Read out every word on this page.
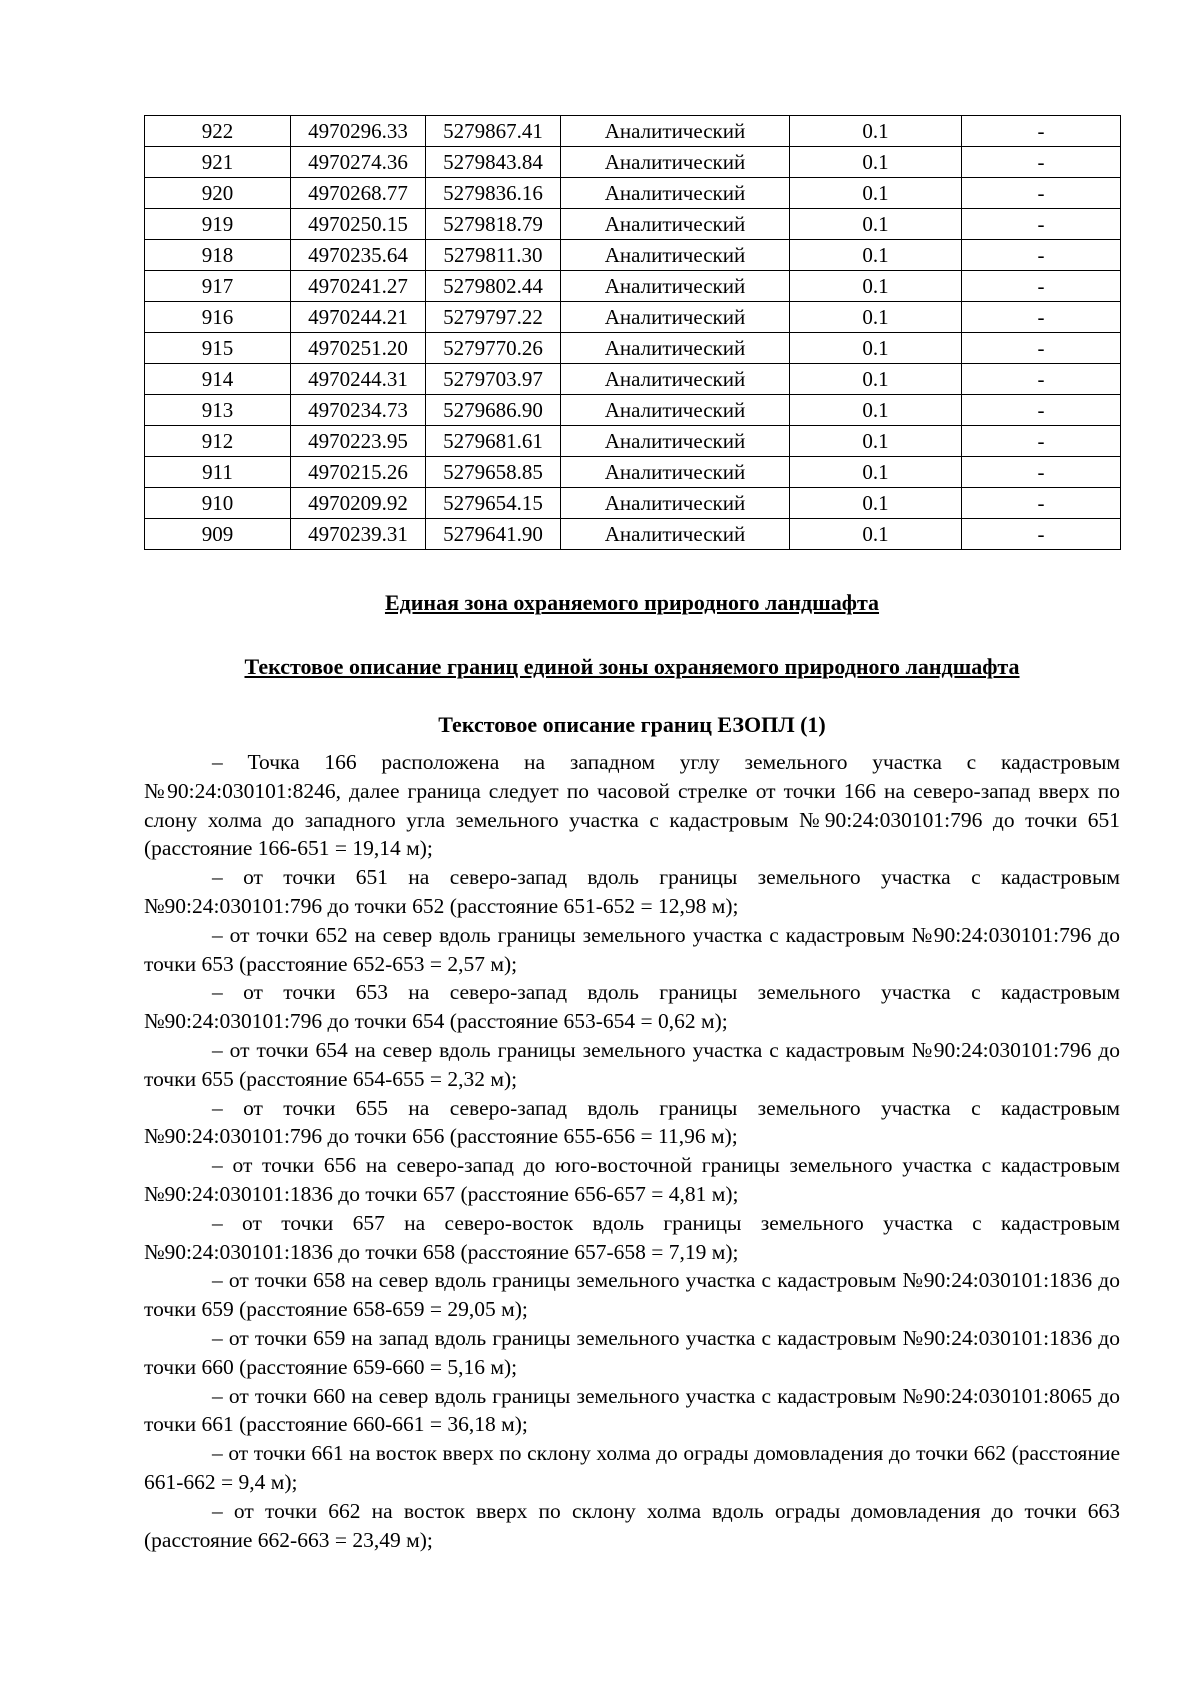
922	4970296.33	5279867.41	Аналитический	0.1	-
921	4970274.36	5279843.84	Аналитический	0.1	-
920	4970268.77	5279836.16	Аналитический	0.1	-
919	4970250.15	5279818.79	Аналитический	0.1	-
918	4970235.64	5279811.30	Аналитический	0.1	-
917	4970241.27	5279802.44	Аналитический	0.1	-
916	4970244.21	5279797.22	Аналитический	0.1	-
915	4970251.20	5279770.26	Аналитический	0.1	-
914	4970244.31	5279703.97	Аналитический	0.1	-
913	4970234.73	5279686.90	Аналитический	0.1	-
912	4970223.95	5279681.61	Аналитический	0.1	-
911	4970215.26	5279658.85	Аналитический	0.1	-
910	4970209.92	5279654.15	Аналитический	0.1	-
909	4970239.31	5279641.90	Аналитический	0.1	-

Единая зона охраняемого природного ландшафта

Текстовое описание границ единой зоны охраняемого природного ландшафта

Текстовое описание границ ЕЗОПЛ (1)

– Точка 166 расположена на западном углу земельного участка с кадастровым №90:24:030101:8246, далее граница следует по часовой стрелке от точки 166 на северо-запад вверх по слону холма до западного угла земельного участка с кадастровым №90:24:030101:796 до точки 651 (расстояние 166-651 = 19,14 м);

– от точки 651 на северо-запад вдоль границы земельного участка с кадастровым №90:24:030101:796 до точки 652 (расстояние 651-652 = 12,98 м);

– от точки 652 на север вдоль границы земельного участка с кадастровым №90:24:030101:796 до точки 653 (расстояние 652-653 = 2,57 м);

– от точки 653 на северо-запад вдоль границы земельного участка с кадастровым №90:24:030101:796 до точки 654 (расстояние 653-654 = 0,62 м);

– от точки 654 на север вдоль границы земельного участка с кадастровым №90:24:030101:796 до точки 655 (расстояние 654-655 = 2,32 м);

– от точки 655 на северо-запад вдоль границы земельного участка с кадастровым №90:24:030101:796 до точки 656 (расстояние 655-656 = 11,96 м);

– от точки 656 на северо-запад до юго-восточной границы земельного участка с кадастровым №90:24:030101:1836 до точки 657 (расстояние 656-657 = 4,81 м);

– от точки 657 на северо-восток вдоль границы земельного участка с кадастровым №90:24:030101:1836 до точки 658 (расстояние 657-658 = 7,19 м);

– от точки 658 на север вдоль границы земельного участка с кадастровым №90:24:030101:1836 до точки 659 (расстояние 658-659 = 29,05 м);

– от точки 659 на запад вдоль границы земельного участка с кадастровым №90:24:030101:1836 до точки 660 (расстояние 659-660 = 5,16 м);

– от точки 660 на север вдоль границы земельного участка с кадастровым №90:24:030101:8065 до точки 661 (расстояние 660-661 = 36,18 м);

– от точки 661 на восток вверх по склону холма до ограды домовладения до точки 662 (расстояние 661-662 = 9,4 м);

– от точки 662 на восток вверх по склону холма вдоль ограды домовладения до точки 663 (расстояние 662-663 = 23,49 м);
